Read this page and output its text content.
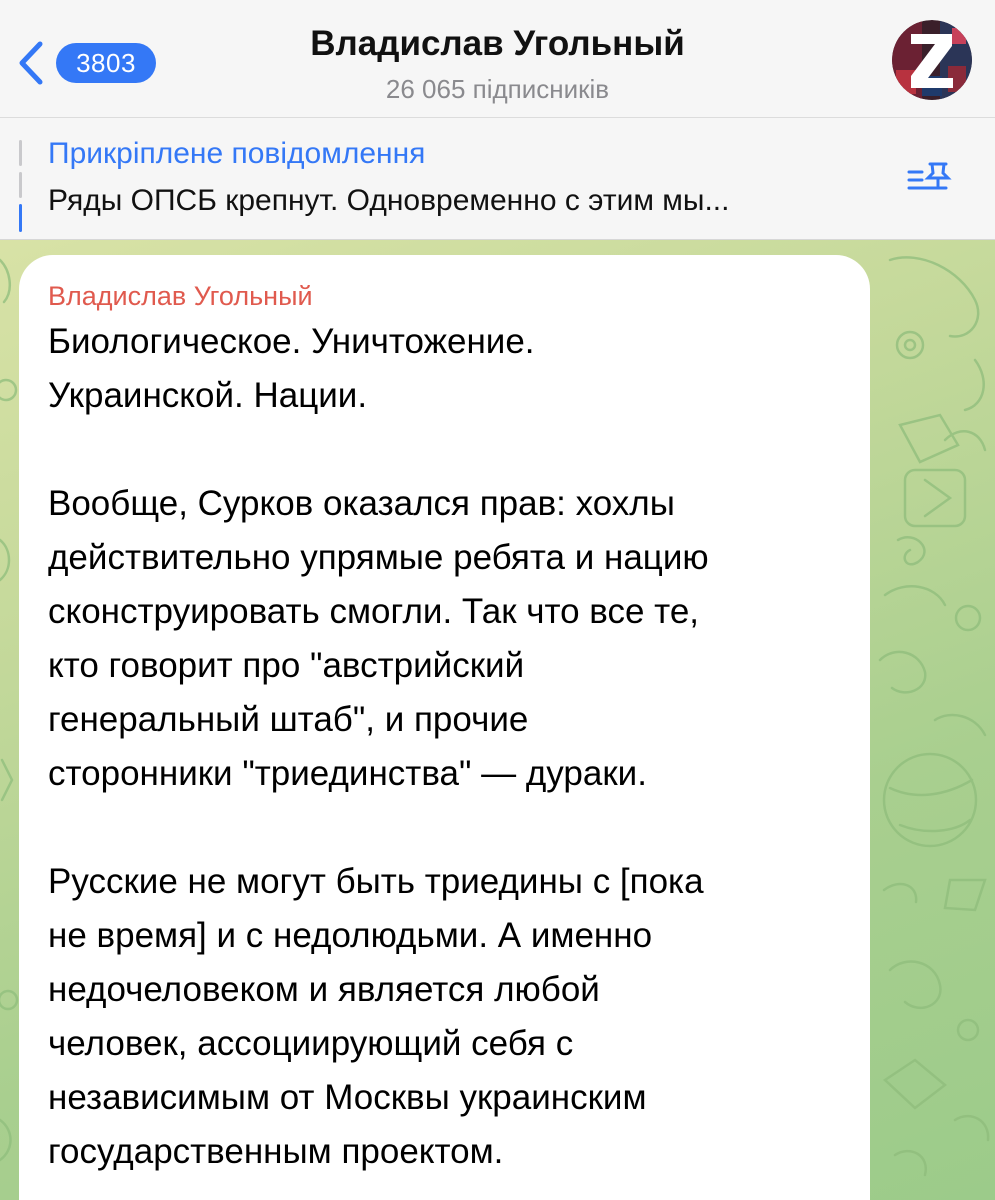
3803	Владислав Угольный
26 065 підписників
Прикріплене повідомлення
Ряды ОПСБ крепнут. Одновременно с этим мы...
Владислав Угольный

Биологическое. Уничтожение.
Украинской. Нации.

Вообще, Сурков оказался прав: хохлы
действительно упрямые ребята и нацию
сконструировать смогли. Так что все те,
кто говорит про "австрийский
генеральный штаб", и прочие
сторонники "триединства" — дураки.

Русские не могут быть триедины с [пока
не время] и с недолюдьми. А именно
недочеловеком и является любой
человек, ассоциирующий себя с
независимым от Москвы украинским
государственным проектом.
